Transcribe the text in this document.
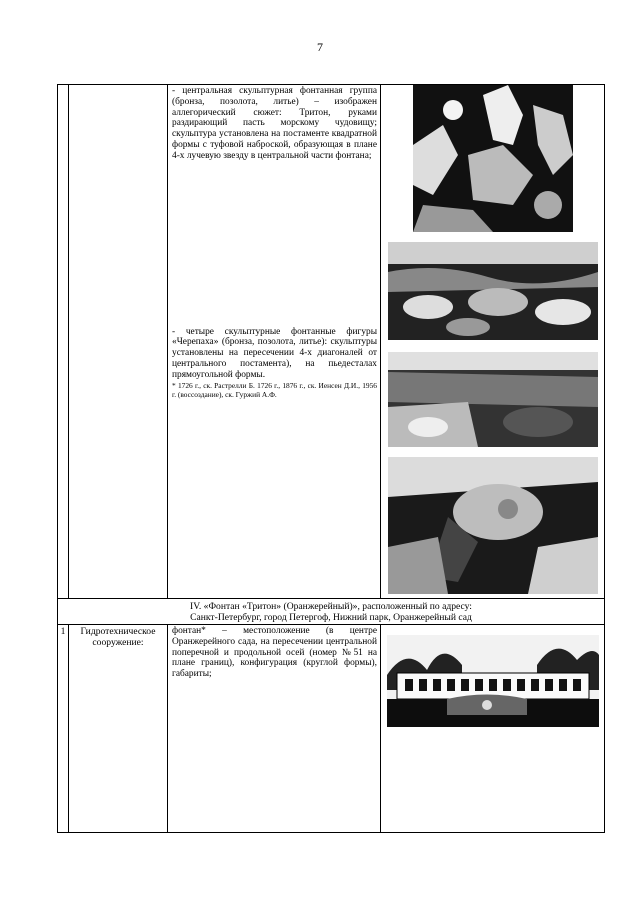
7

		- центральная скульптурная фонтанная группа (бронза, позолота, литье) – изображен аллегорический сюжет: Тритон, руками раздирающий пасть морскому чудовищу; скульптура установлена на постаменте квадратной формы с туфовой наброской, образующая в плане 4-х лучевую звезду в центральной части фонтана;

- четыре скульптурные фонтанные фигуры «Черепаха» (бронза, позолота, литье): скульптуры установлены на пересечении 4-х диагоналей от центрального постамента), на пьедесталах прямоугольной формы.

* 1726 г., ск. Растрелли Б. 1726 г., 1876 г., ск. Иенсен Д.И., 1956 г. (воссоздание), ск. Гуржий А.Ф.

IV. «Фонтан «Тритон» (Оранжерейный)», расположенный по адресу:
Санкт-Петербург, город Петергоф, Нижний парк, Оранжерейный сад			

1	Гидротехническое сооружение:	фонтан* – местоположение (в центре Оранжерейного сада, на пересечении центральной поперечной и продольной осей (номер №51 на плане границ), конфигурация (круглой формы), габариты;
